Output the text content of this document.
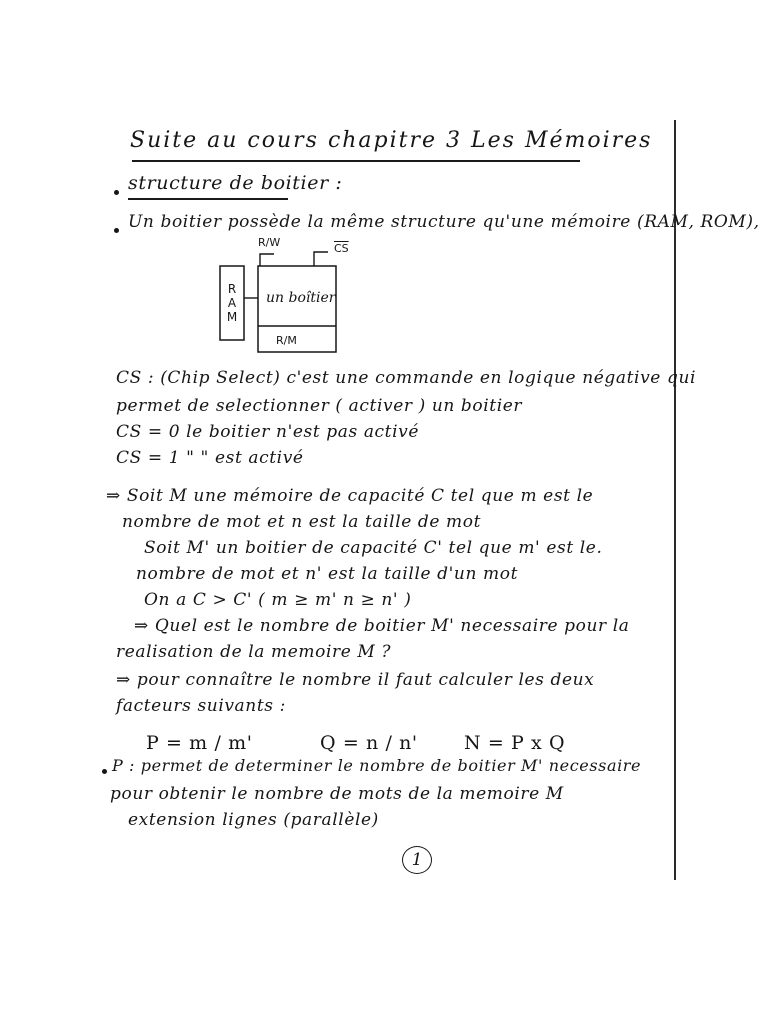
Suite au cours chapitre 3 Les Mémoires
structure de boitier :
Un boitier possède la même structure qu'une mémoire (RAM, ROM),
R/W	$\overline{CS}$
R
A
M
un boîtier
R/M
CS : (Chip Select) c'est une commande en logique négative qui
permet de selectionner ( activer ) un boitier
CS = 0 le boitier n'est pas activé
CS = 1 " " est activé
⇒ Soit M une mémoire de capacité C tel que m est le
nombre de mot et n est la taille de mot
Soit M' un boitier de capacité C' tel que m' est le.
nombre de mot et n' est la taille d'un mot
On a C > C' ( m ≥ m' n ≥ n' )
⇒ Quel est le nombre de boitier M' necessaire pour la
realisation de la memoire M ?
⇒ pour connaître le nombre il faut calculer les deux
facteurs suivants :
P = m / m'	Q = n / n' N = P x Q
P : permet de determiner le nombre de boitier M' necessaire
pour obtenir le nombre de mots de la memoire M
extension lignes (parallèle)
1
